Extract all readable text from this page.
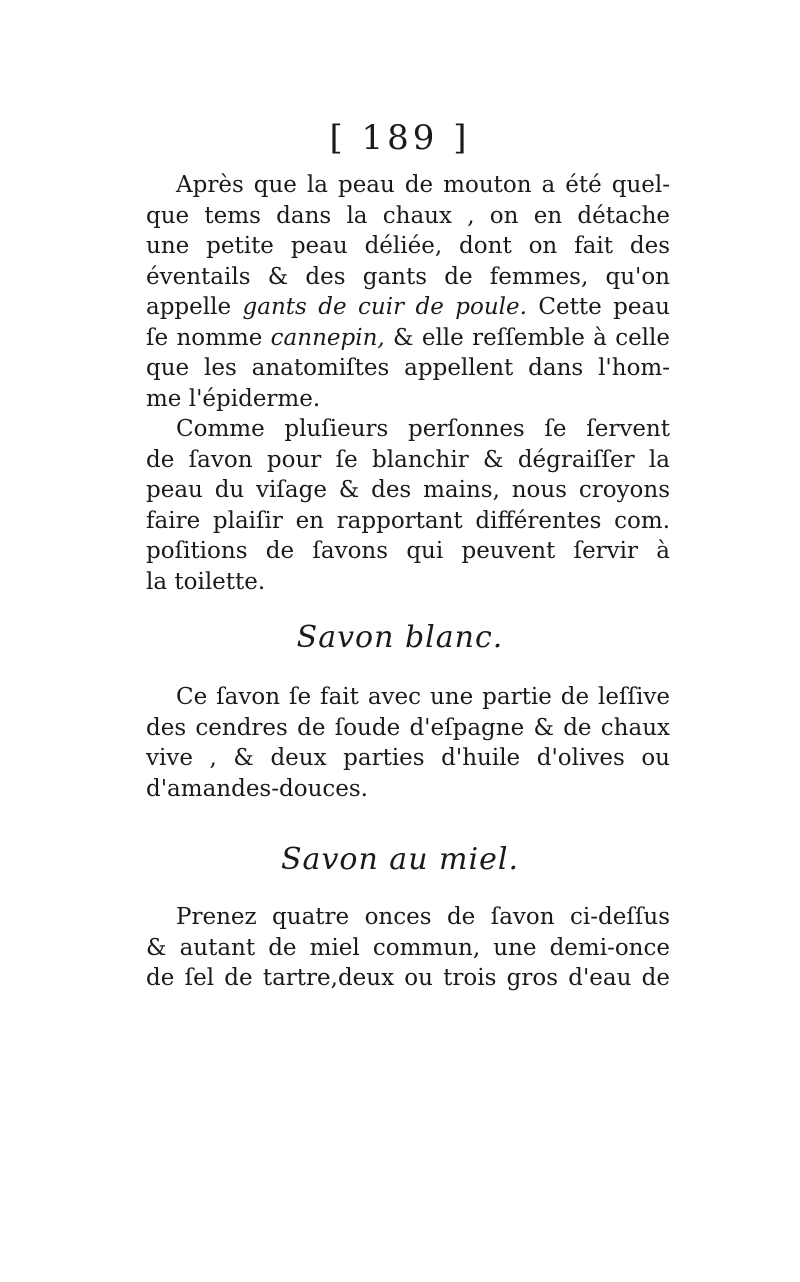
[ 189 ]
Après que la peau de mouton a été quel-
que tems dans la chaux , on en détache
une petite peau déliée, dont on fait des
éventails & des gants de femmes, qu'on
appelle gants de cuir de poule. Cette peau
ſe nomme cannepin, & elle reſſemble à celle
que les anatomiſtes appellent dans l'hom-
me l'épiderme.
Comme pluſieurs perſonnes ſe ſervent
de ſavon pour ſe blanchir & dégraiſſer la
peau du viſage & des mains, nous croyons
faire plaiſir en rapportant différentes com.
poſitions de ſavons qui peuvent ſervir à
la toilette.
Savon blanc.
Ce ſavon ſe fait avec une partie de leſſive
des cendres de ſoude d'eſpagne & de chaux
vive , & deux parties d'huile d'olives ou
d'amandes-douces.
Savon au miel.
Prenez quatre onces de ſavon ci-deſſus
& autant de miel commun, une demi-once
de ſel de tartre,deux ou trois gros d'eau de
